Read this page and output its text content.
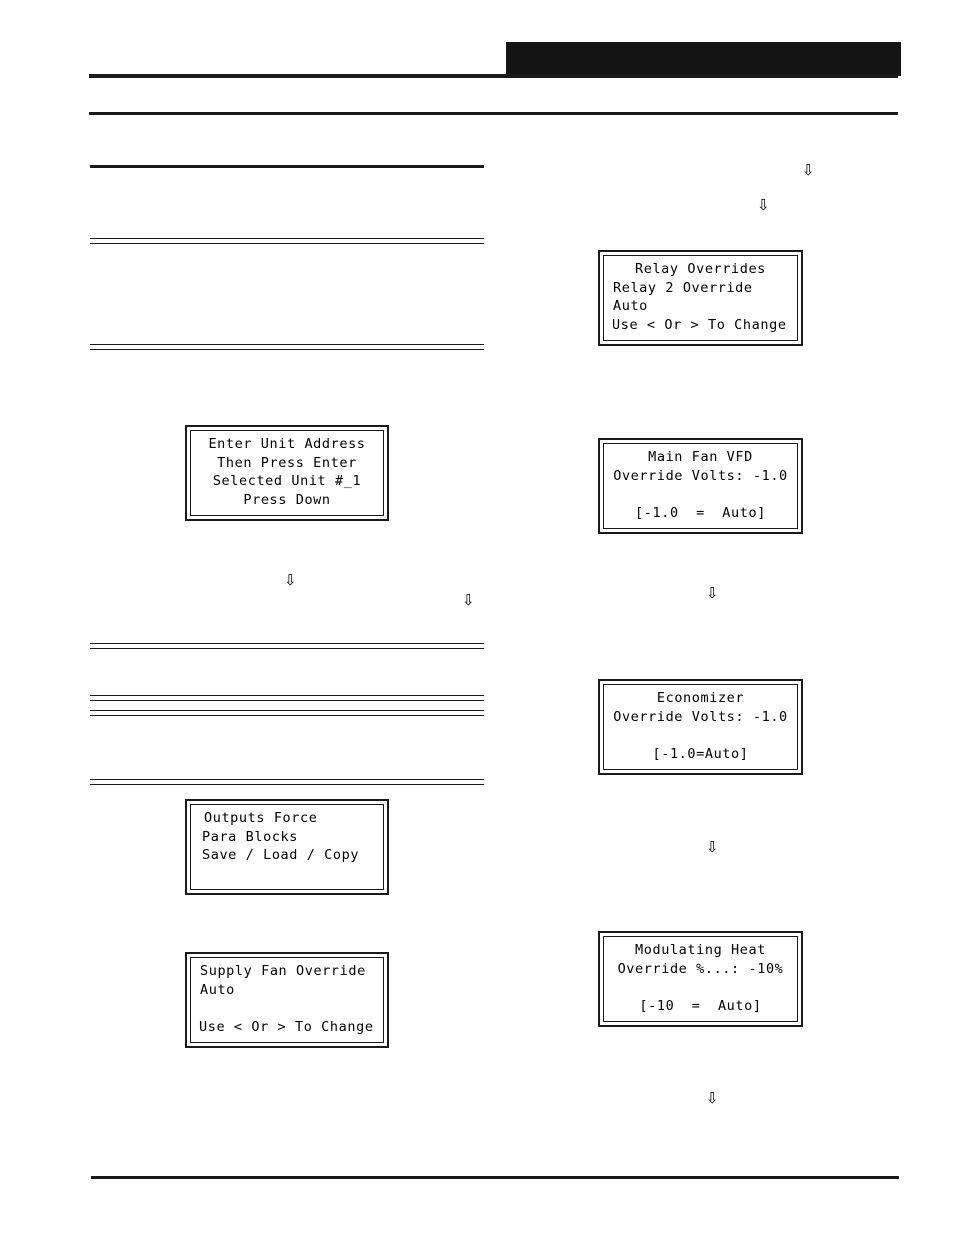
Enter Unit Address
Then Press Enter
Selected Unit #_1
Press Down
⇩
⇩
Outputs Force
Para Blocks
Save / Load / Copy
Supply Fan Override
Auto
Use < Or > To Change
⇩
⇩
Relay Overrides
Relay 2 Override
Auto
Use < Or > To Change
Main Fan VFD
Override Volts: -1.0
[-1.0  =  Auto]
⇩
Economizer
Override Volts: -1.0
[-1.0=Auto]
⇩
Modulating Heat
Override %...: -10%
[-10  =  Auto]
⇩
